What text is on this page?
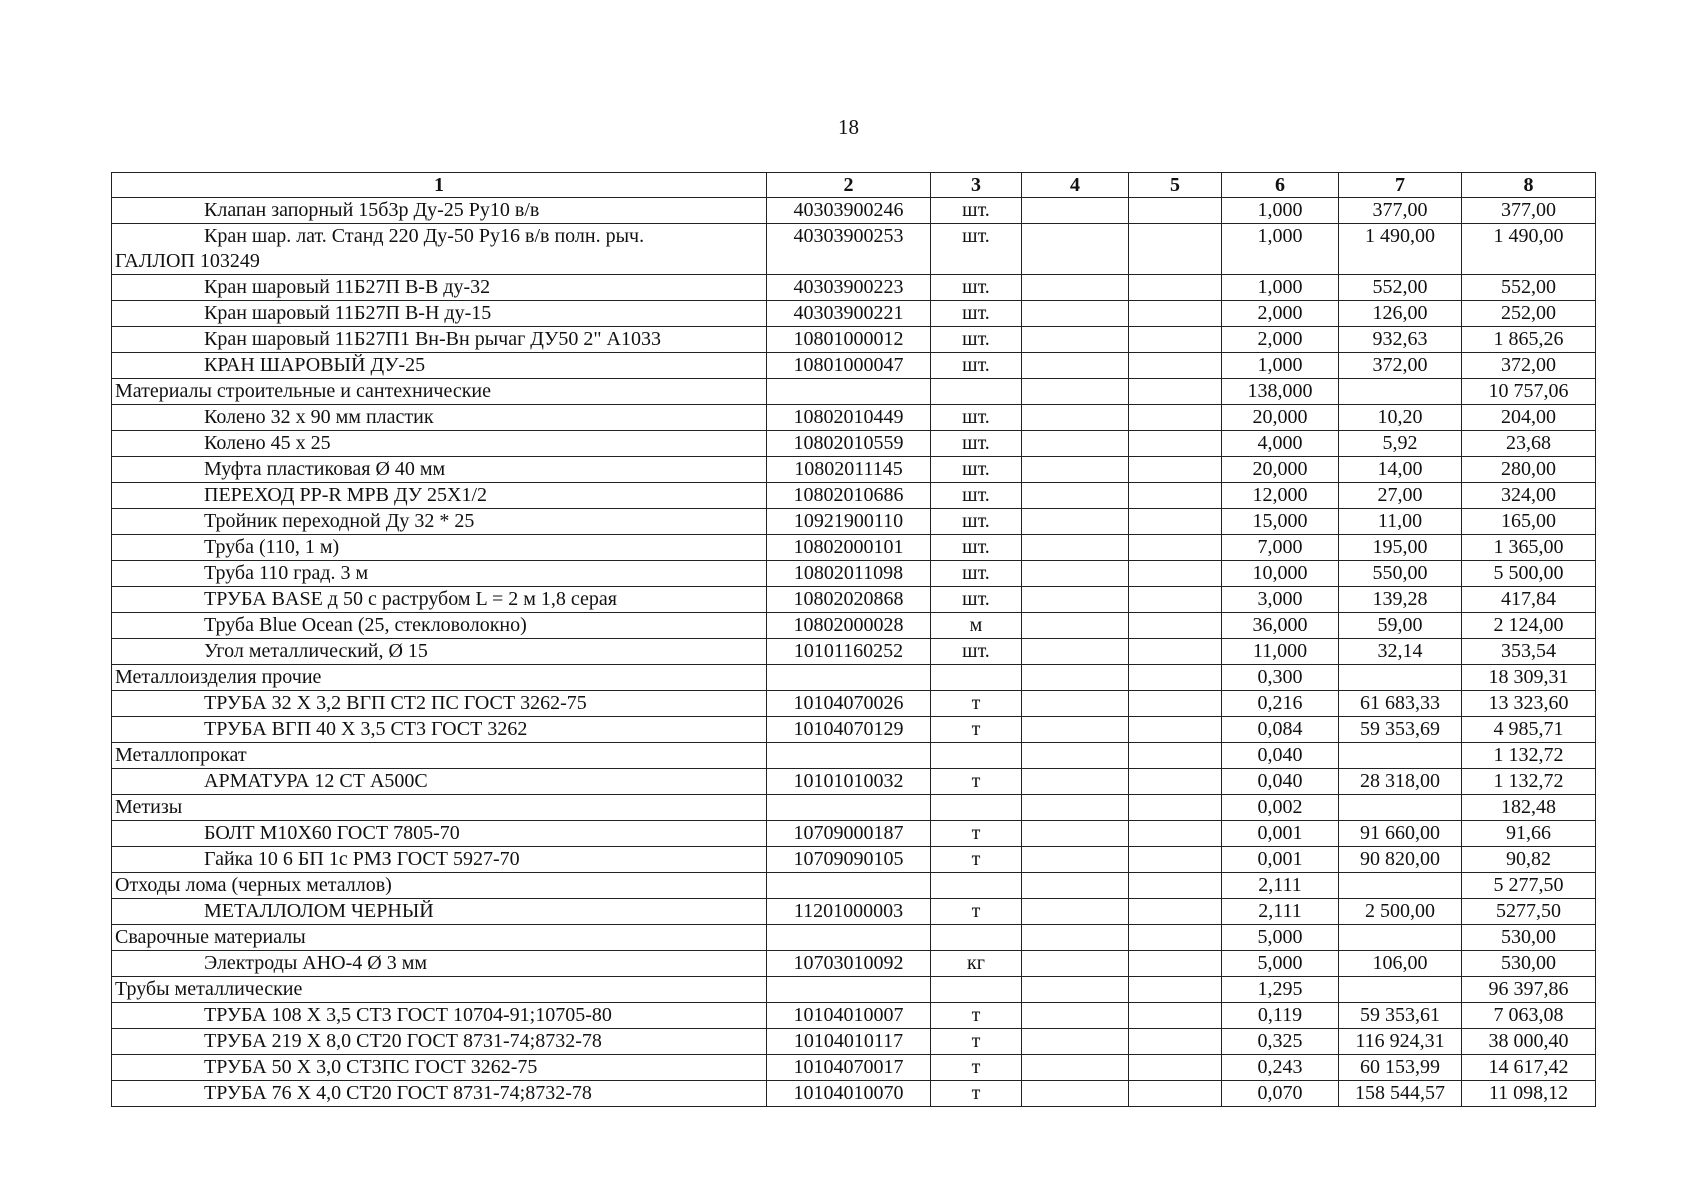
18
1	2	3	4	5	6	7	8
Клапан запорный 15б3р Ду-25 Ру10 в/в	40303900246	шт.			1,000	377,00	377,00

Кран шар. лат. Станд 220 Ду-50 Ру16 в/в полн. рыч.
ГАЛЛОП 103249	40303900253	шт.			1,000	1 490,00	1 490,00
Кран шаровый 11Б27П В-В ду-32	40303900223	шт.			1,000	552,00	552,00
Кран шаровый 11Б27П В-Н ду-15	40303900221	шт.			2,000	126,00	252,00
Кран шаровый 11Б27П1 Вн-Вн рычаг ДУ50 2" А1033	10801000012	шт.			2,000	932,63	1 865,26
КРАН ШАРОВЫЙ ДУ-25	10801000047	шт.			1,000	372,00	372,00
Материалы строительные и сантехнические					138,000		10 757,06
Колено 32 х 90 мм пластик	10802010449	шт.			20,000	10,20	204,00
Колено 45 х 25	10802010559	шт.			4,000	5,92	23,68
Муфта пластиковая Ø 40 мм	10802011145	шт.			20,000	14,00	280,00
ПЕРЕХОД PP-R МРВ ДУ 25Х1/2	10802010686	шт.			12,000	27,00	324,00
Тройник переходной Ду 32 * 25	10921900110	шт.			15,000	11,00	165,00
Труба (110, 1 м)	10802000101	шт.			7,000	195,00	1 365,00
Труба 110 град. 3 м	10802011098	шт.			10,000	550,00	5 500,00
ТРУБА BASE д 50 с раструбом L = 2 м 1,8 серая	10802020868	шт.			3,000	139,28	417,84
Труба Blue Ocean (25, стекловолокно)	10802000028	м			36,000	59,00	2 124,00
Угол металлический, Ø 15	10101160252	шт.			11,000	32,14	353,54
Металлоизделия прочие					0,300		18 309,31
ТРУБА 32 Х 3,2 ВГП СТ2 ПС ГОСТ 3262-75	10104070026	т			0,216	61 683,33	13 323,60
ТРУБА ВГП 40 Х 3,5 СТ3 ГОСТ 3262	10104070129	т			0,084	59 353,69	4 985,71
Металлопрокат					0,040		1 132,72
АРМАТУРА 12 СТ А500С	10101010032	т			0,040	28 318,00	1 132,72
Метизы					0,002		182,48
БОЛТ М10Х60 ГОСТ 7805-70	10709000187	т			0,001	91 660,00	91,66
Гайка 10 6 БП 1с РМЗ ГОСТ 5927-70	10709090105	т			0,001	90 820,00	90,82
Отходы лома (черных металлов)					2,111		5 277,50
МЕТАЛЛОЛОМ ЧЕРНЫЙ	11201000003	т			2,111	2 500,00	5277,50
Сварочные материалы					5,000		530,00
Электроды АНО-4 Ø 3 мм	10703010092	кг			5,000	106,00	530,00
Трубы металлические					1,295		96 397,86
ТРУБА 108 Х 3,5 СТ3 ГОСТ 10704-91;10705-80	10104010007	т			0,119	59 353,61	7 063,08
ТРУБА 219 Х 8,0 СТ20 ГОСТ 8731-74;8732-78	10104010117	т			0,325	116 924,31	38 000,40
ТРУБА 50 Х 3,0 СТ3ПС ГОСТ 3262-75	10104070017	т			0,243	60 153,99	14 617,42
ТРУБА 76 Х 4,0 СТ20 ГОСТ 8731-74;8732-78	10104010070	т			0,070	158 544,57	11 098,12
